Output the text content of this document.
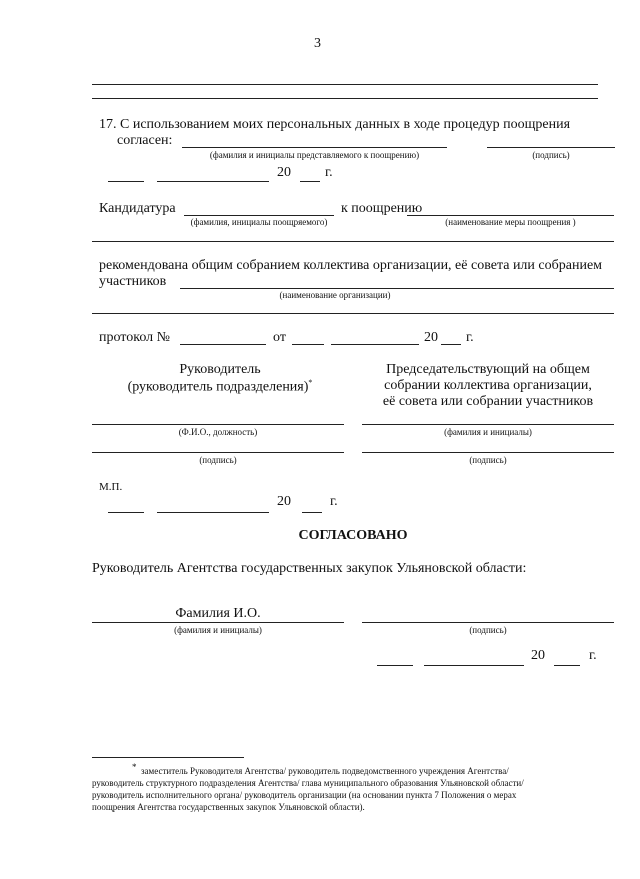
3
17. С использованием моих персональных данных в ходе процедур поощрения
согласен:
(фамилия и инициалы представляемого к поощрению)	(подпись)
20 г.
Кандидатура
(фамилия, инициалы поощряемого)
к поощрению
(наименование меры поощрения )
рекомендована общим собранием коллектива организации, её совета или собранием
участников
(наименование организации)
протокол №	от	20 г.
Руководитель
(руководитель подразделения)*
Председательствующий на общем
собрании коллектива организации,
её совета или собрании участников
(Ф.И.О., должность)	(фамилия и инициалы)
(подпись)	(подпись)
М.П.
20	г.
СОГЛАСОВАНО
Руководитель Агентства государственных закупок Ульяновской области:
Фамилия И.О.
(фамилия и инициалы)	(подпись)
20	г.
* заместитель Руководителя Агентства/ руководитель подведомственного учреждения Агентства/
руководитель структурного подразделения Агентства/ глава муниципального образования Ульяновской области/
руководитель исполнительного органа/ руководитель организации (на основании пункта 7 Положения о мерах
поощрения Агентства государственных закупок Ульяновской области).
